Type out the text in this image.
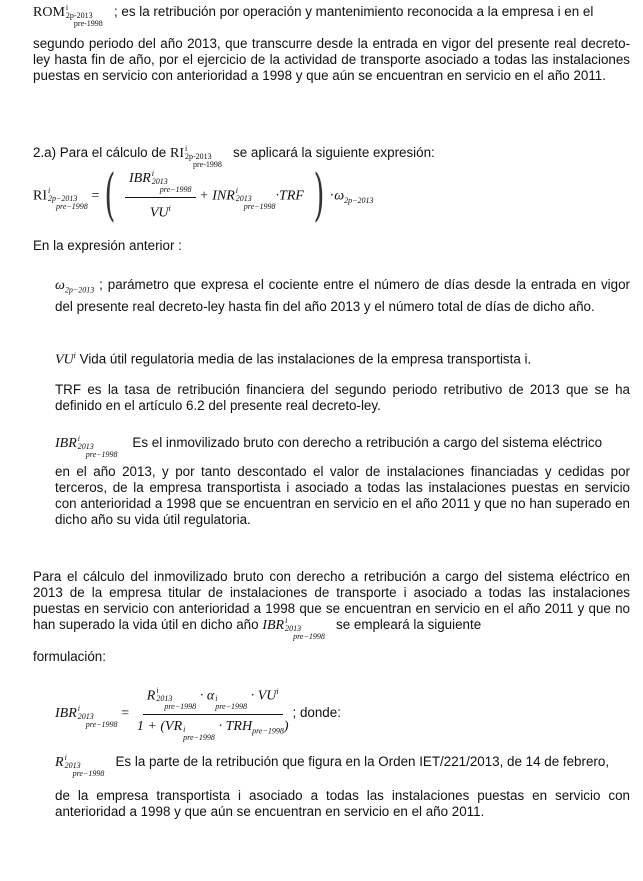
ROM i
2p-2013
pre-1998
; es la retribución por operación y mantenimiento reconocida a la empresa i en el
segundo periodo del año 2013, que transcurre desde la entrada en vigor del presente real decreto-ley hasta fin de año, por el ejercicio de la actividad de transporte asociado a todas las instalaciones puestas en servicio con anterioridad a 1998 y que aún se encuentran en servicio en el año 2011.
2.a) Para el cálculo de RI i
2p-2013
pre-1998
se aplicará la siguiente expresión:
RI i
2p−2013
pre−1998
=( IBR i
2013
pre−1998
$VU^i$ + INR i
2013
pre−1998
·TRF ) $\cdot\omega_{2p-2013}$
En la expresión anterior :
$\omega_{2p-2013}$ ; parámetro que expresa el cociente entre el número de días desde la entrada en vigor del presente real decreto-ley hasta fin del año 2013 y el número total de días de dicho año.
$VU^i$ Vida útil regulatoria media de las instalaciones de la empresa transportista i.
TRF es la tasa de retribución financiera del segundo periodo retributivo de 2013 que se ha definido en el artículo 6.2 del presente real decreto-ley.
IBR i
2013
pre−1998
Es el inmovilizado bruto con derecho a retribución a cargo del sistema eléctrico
en el año 2013, y por tanto descontado el valor de instalaciones financiadas y cedidas por terceros, de la empresa transportista i asociado a todas las instalaciones puestas en servicio con anterioridad a 1998 que se encuentran en servicio en el año 2011 y que no han superado en dicho año su vida útil regulatoria.
Para el cálculo del inmovilizado bruto con derecho a retribución a cargo del sistema eléctrico en 2013 de la empresa titular de instalaciones de transporte i asociado a todas las instalaciones puestas en servicio con anterioridad a 1998 que se encuentran en servicio en el año 2011 y que no han superado la vida útil en dicho año IBR i
2013
pre−1998
se empleará la siguiente
formulación:
IBR i
2013
pre−1998
= R i
2013
pre−1998
· α i
pre−1998
· $VU^i$
1 + (VR i
pre−1998
· $TRH_{pre-1998}$) ; donde:
R i
2013
pre−1998
Es la parte de la retribución que figura en la Orden IET/221/2013, de 14 de febrero,
de la empresa transportista i asociado a todas las instalaciones puestas en servicio con anterioridad a 1998 y que aún se encuentran en servicio en el año 2011.
